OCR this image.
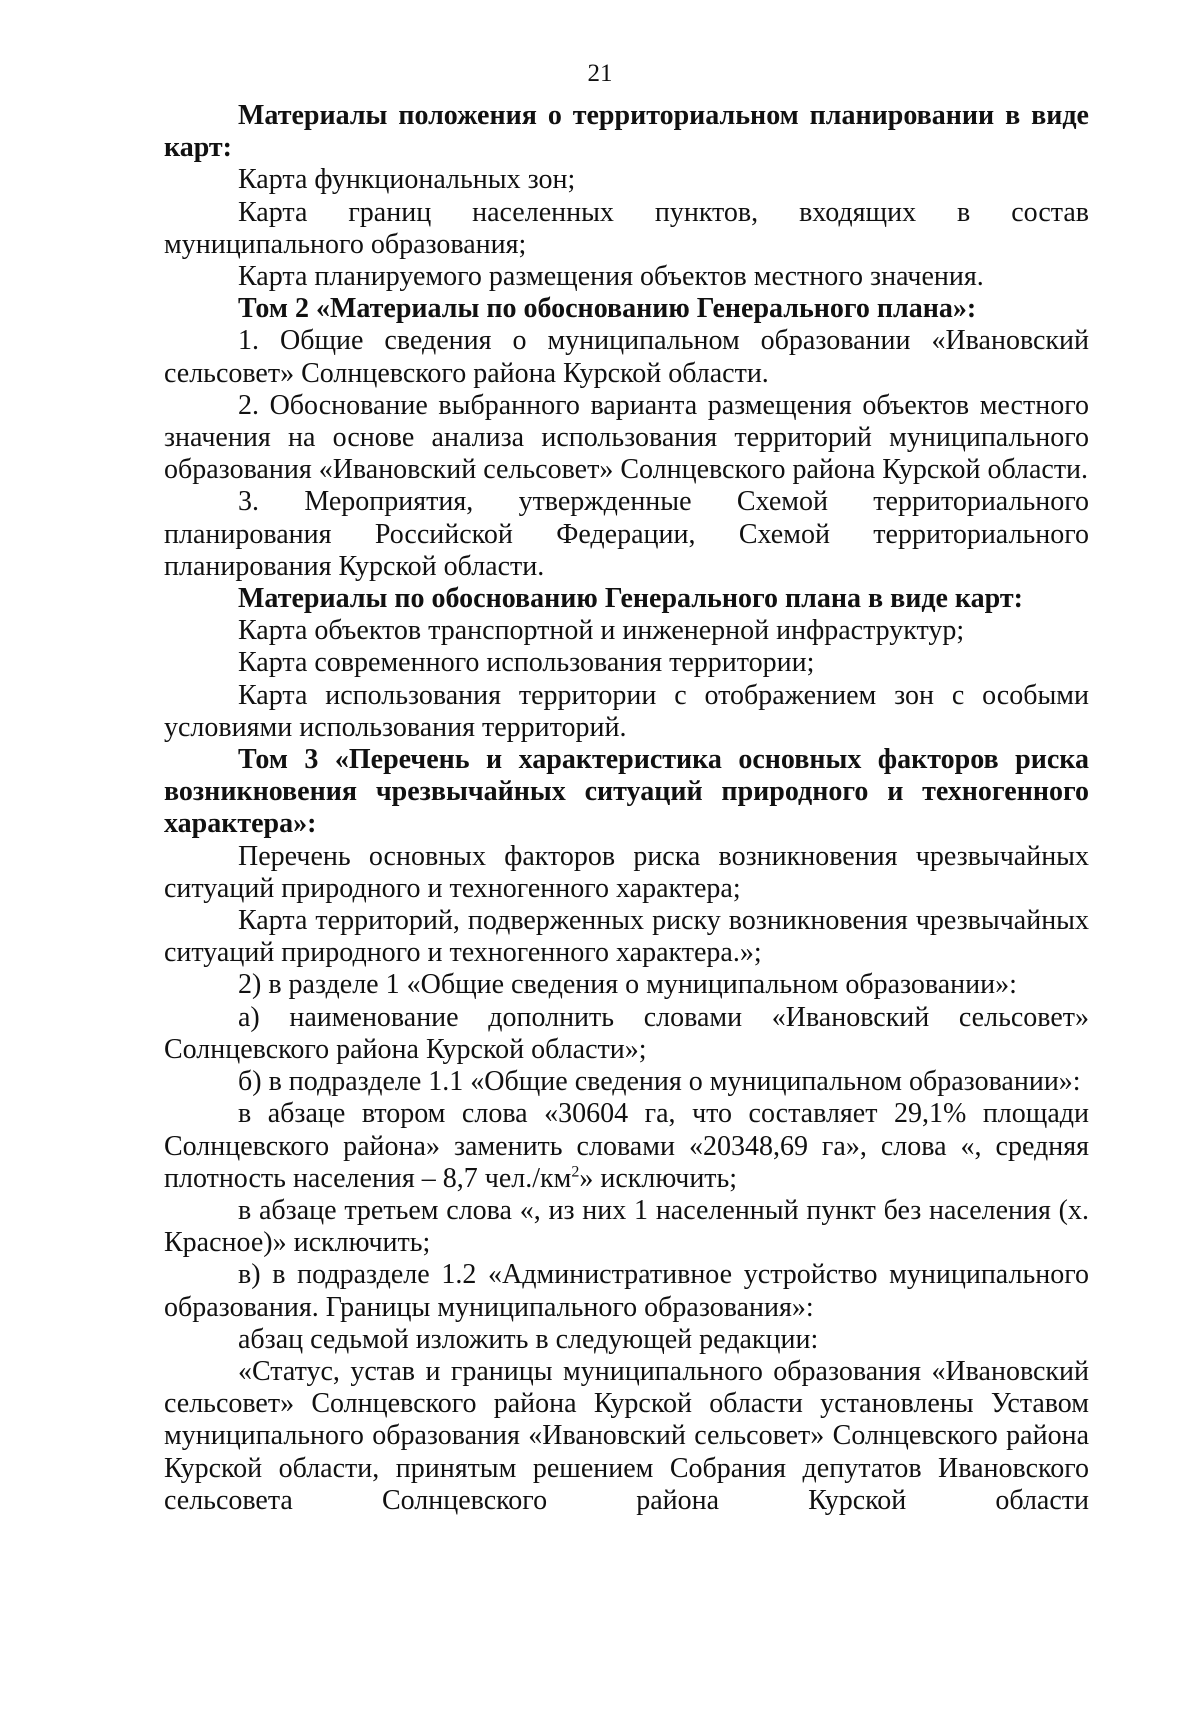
21

Материалы положения о территориальном планировании в виде карт:

Карта функциональных зон;

Карта границ населенных пунктов, входящих в состав муниципального образования;

Карта планируемого размещения объектов местного значения.

Том 2 «Материалы по обоснованию Генерального плана»:

1. Общие сведения о муниципальном образовании «Ивановский сельсовет» Солнцевского района Курской области.

2. Обоснование выбранного варианта размещения объектов местного значения на основе анализа использования территорий муниципального образования «Ивановский сельсовет» Солнцевского района Курской области.

3. Мероприятия, утвержденные Схемой территориального планирования Российской Федерации, Схемой территориального планирования Курской области.

Материалы по обоснованию Генерального плана в виде карт:

Карта объектов транспортной и инженерной инфраструктур;

Карта современного использования территории;

Карта использования территории с отображением зон с особыми условиями использования территорий.

Том 3 «Перечень и характеристика основных факторов риска возникновения чрезвычайных ситуаций природного и техногенного характера»:

Перечень основных факторов риска возникновения чрезвычайных ситуаций природного и техногенного характера;

Карта территорий, подверженных риску возникновения чрезвычайных ситуаций природного и техногенного характера.»;

2) в разделе 1 «Общие сведения о муниципальном образовании»:

а) наименование дополнить словами «Ивановский сельсовет» Солнцевского района Курской области»;

б) в подразделе 1.1 «Общие сведения о муниципальном образовании»:

в абзаце втором слова «30604 га, что составляет 29,1% площади Солнцевского района» заменить словами «20348,69 га», слова «, средняя плотность населения – 8,7 $чел./км^2$» исключить;

в абзаце третьем слова «, из них 1 населенный пункт без населения (х. Красное)» исключить;

в) в подразделе 1.2 «Административное устройство муниципального образования. Границы муниципального образования»:

абзац седьмой изложить в следующей редакции:

«Статус, устав и границы муниципального образования «Ивановский сельсовет» Солнцевского района Курской области установлены Уставом муниципального образования «Ивановский сельсовет» Солнцевского района Курской области, принятым решением Собрания депутатов Ивановского сельсовета Солнцевского района Курской области
